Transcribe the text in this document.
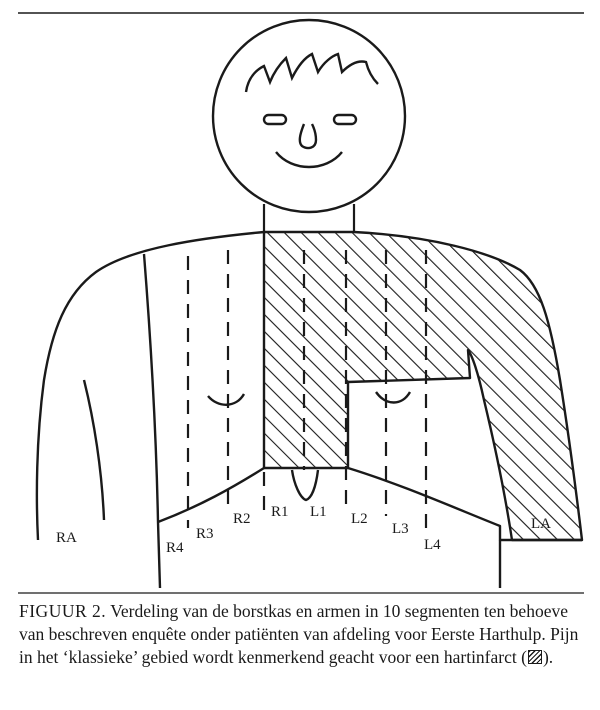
RA
LA
R4
R3
R2 R1 L1 L2
L3
L4
FIGUUR 2. Verdeling van de borstkas en armen in 10 segmenten ten behoeve van beschreven enquête onder patiënten van afdeling voor Eerste Harthulp. Pijn in het ‘klassieke’ gebied wordt kenmerkend geacht voor een hartinfarct ( ).
